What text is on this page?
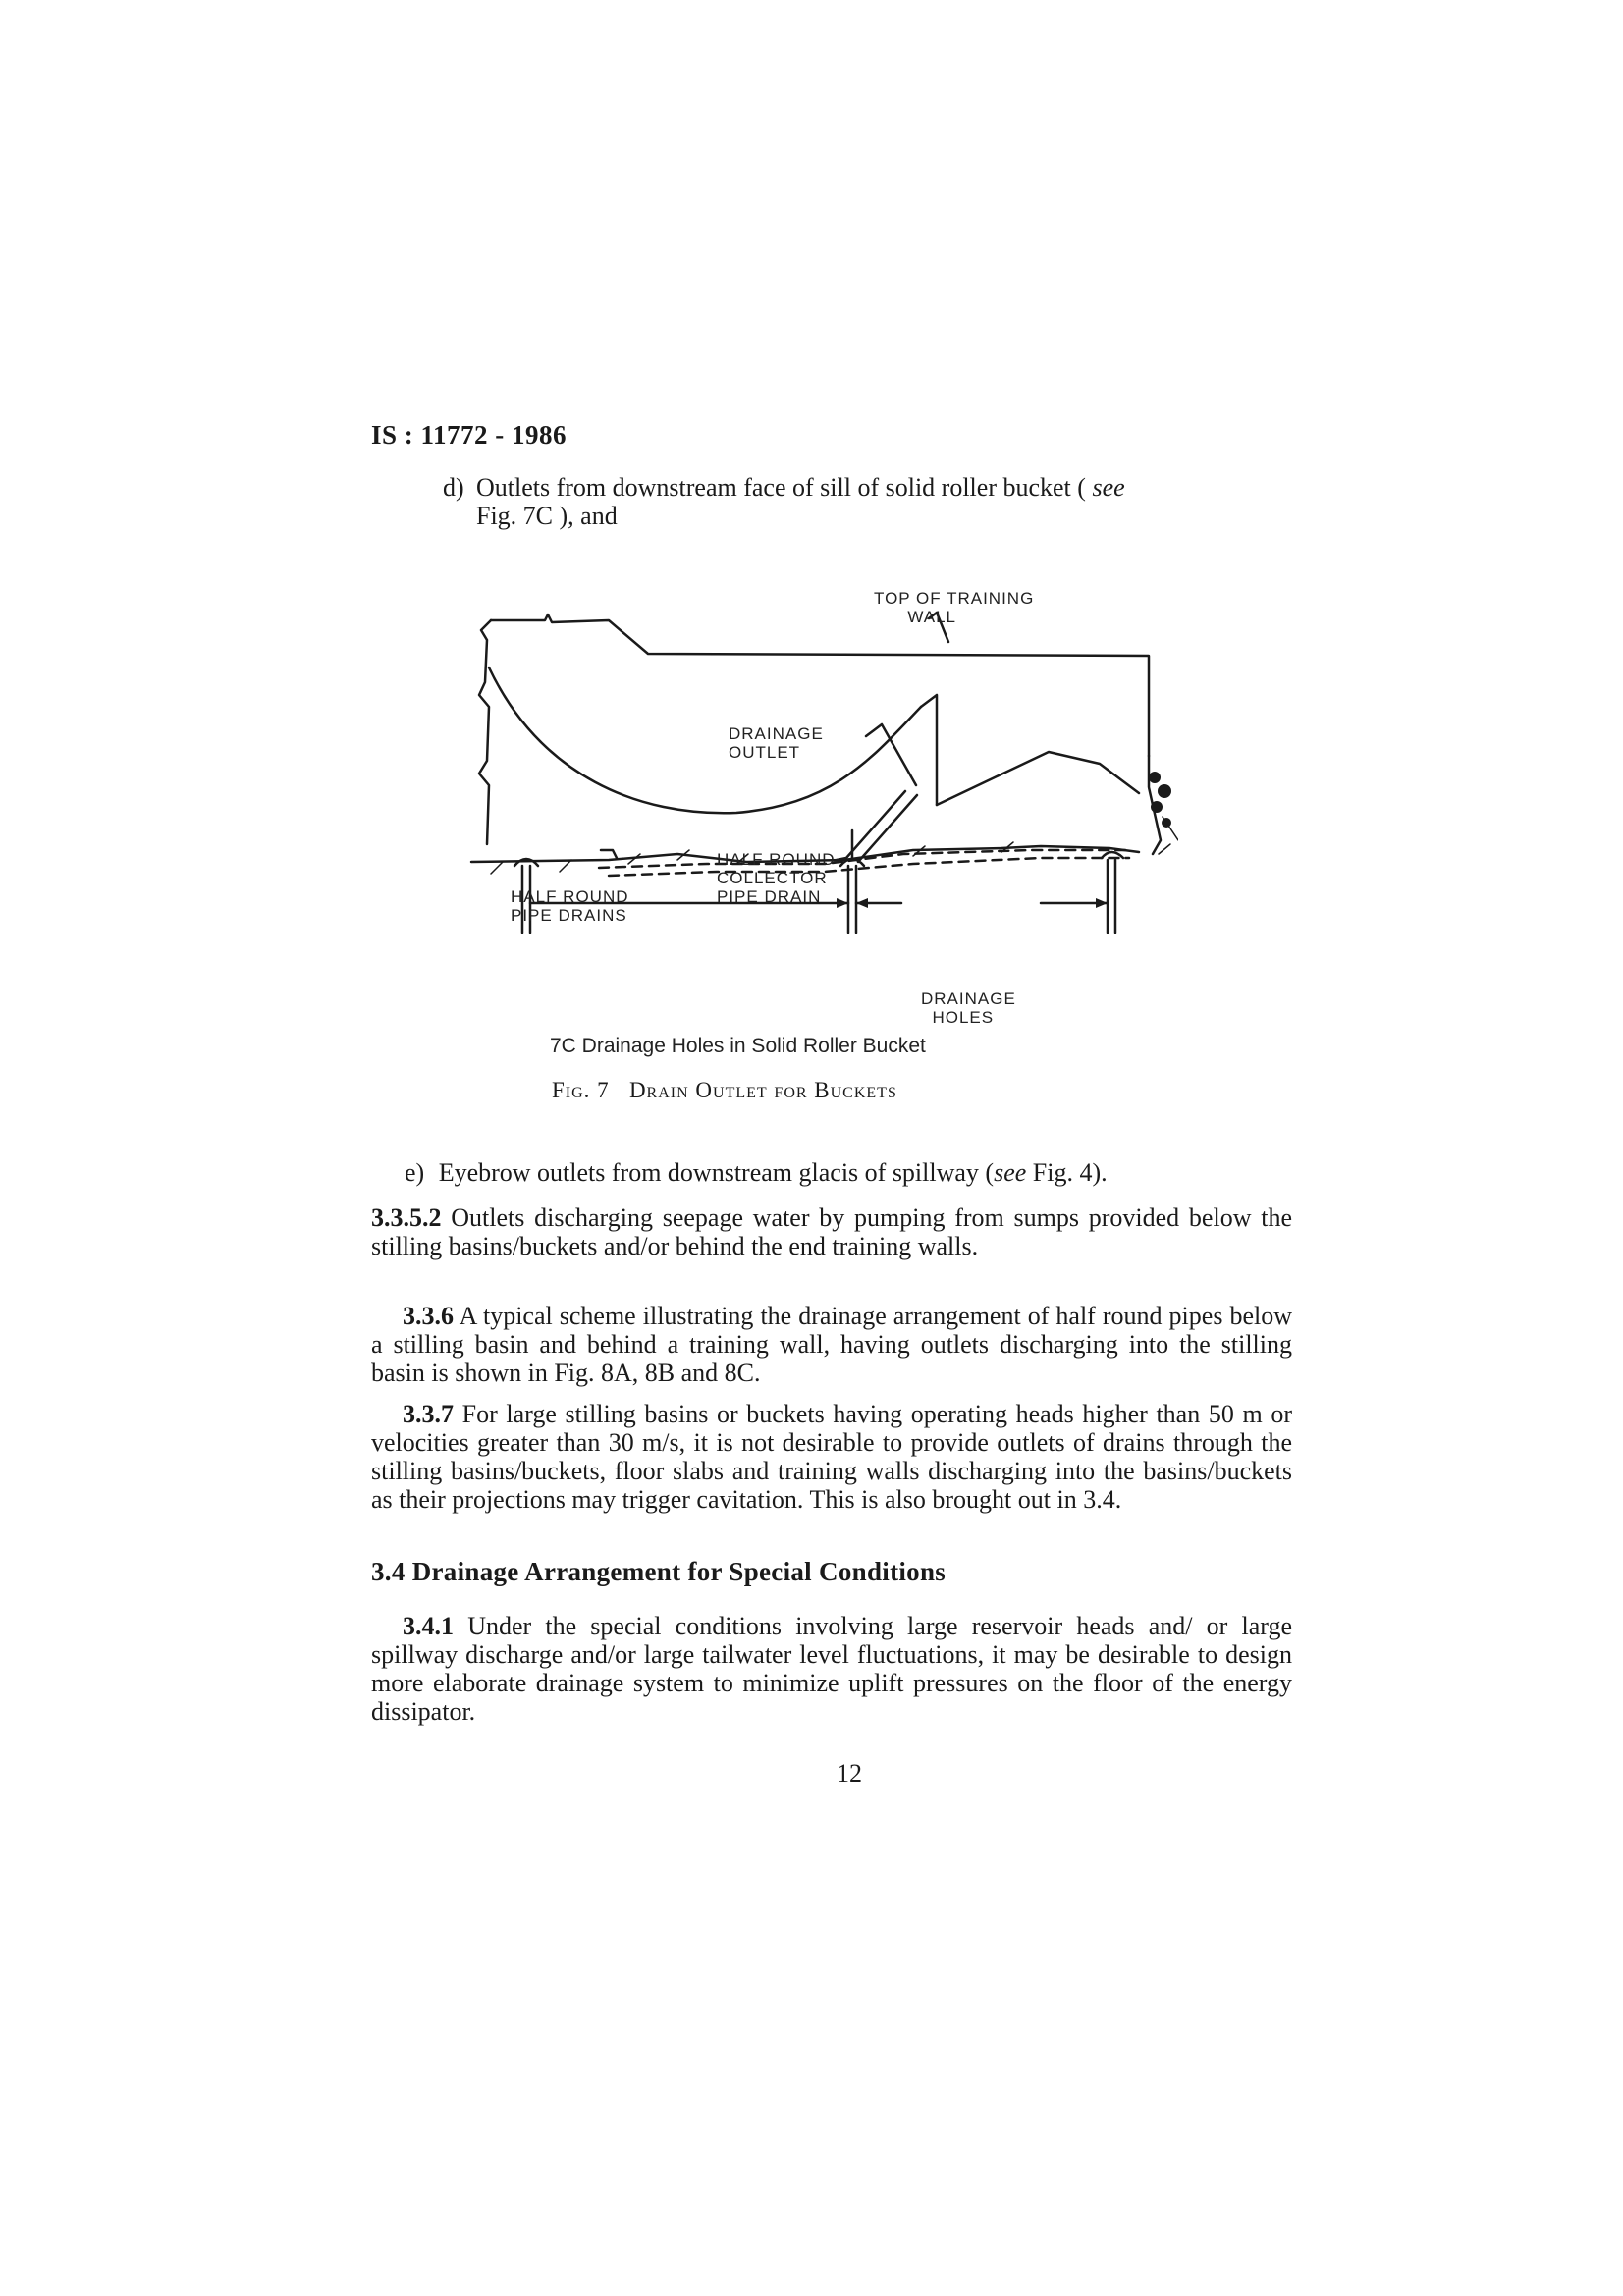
IS : 11772 - 1986
d) Outlets from downstream face of sill of solid roller bucket ( see
Fig. 7C ), and
TOP OF TRAINING
WALL
DRAINAGE
OUTLET
HALF ROUND
COLLECTOR
PIPE DRAIN
HALF ROUND
PIPE DRAINS
DRAINAGE
HOLES
7C Drainage Holes in Solid Roller Bucket
Fig. 7 Drain Outlet for Buckets
e) Eyebrow outlets from downstream glacis of spillway (see Fig. 4).
3.3.5.2 Outlets discharging seepage water by pumping from sumps provided below the stilling basins/buckets and/or behind the end training walls.
3.3.6 A typical scheme illustrating the drainage arrangement of half round pipes below a stilling basin and behind a training wall, having outlets discharging into the stilling basin is shown in Fig. 8A, 8B and 8C.
3.3.7 For large stilling basins or buckets having operating heads higher than 50 m or velocities greater than 30 m/s, it is not desirable to provide outlets of drains through the stilling basins/buckets, floor slabs and training walls discharging into the basins/buckets as their projections may trigger cavitation. This is also brought out in 3.4.
3.4 Drainage Arrangement for Special Conditions
3.4.1 Under the special conditions involving large reservoir heads and/ or large spillway discharge and/or large tailwater level fluctuations, it may be desirable to design more elaborate drainage system to minimize uplift pressures on the floor of the energy dissipator.
12
